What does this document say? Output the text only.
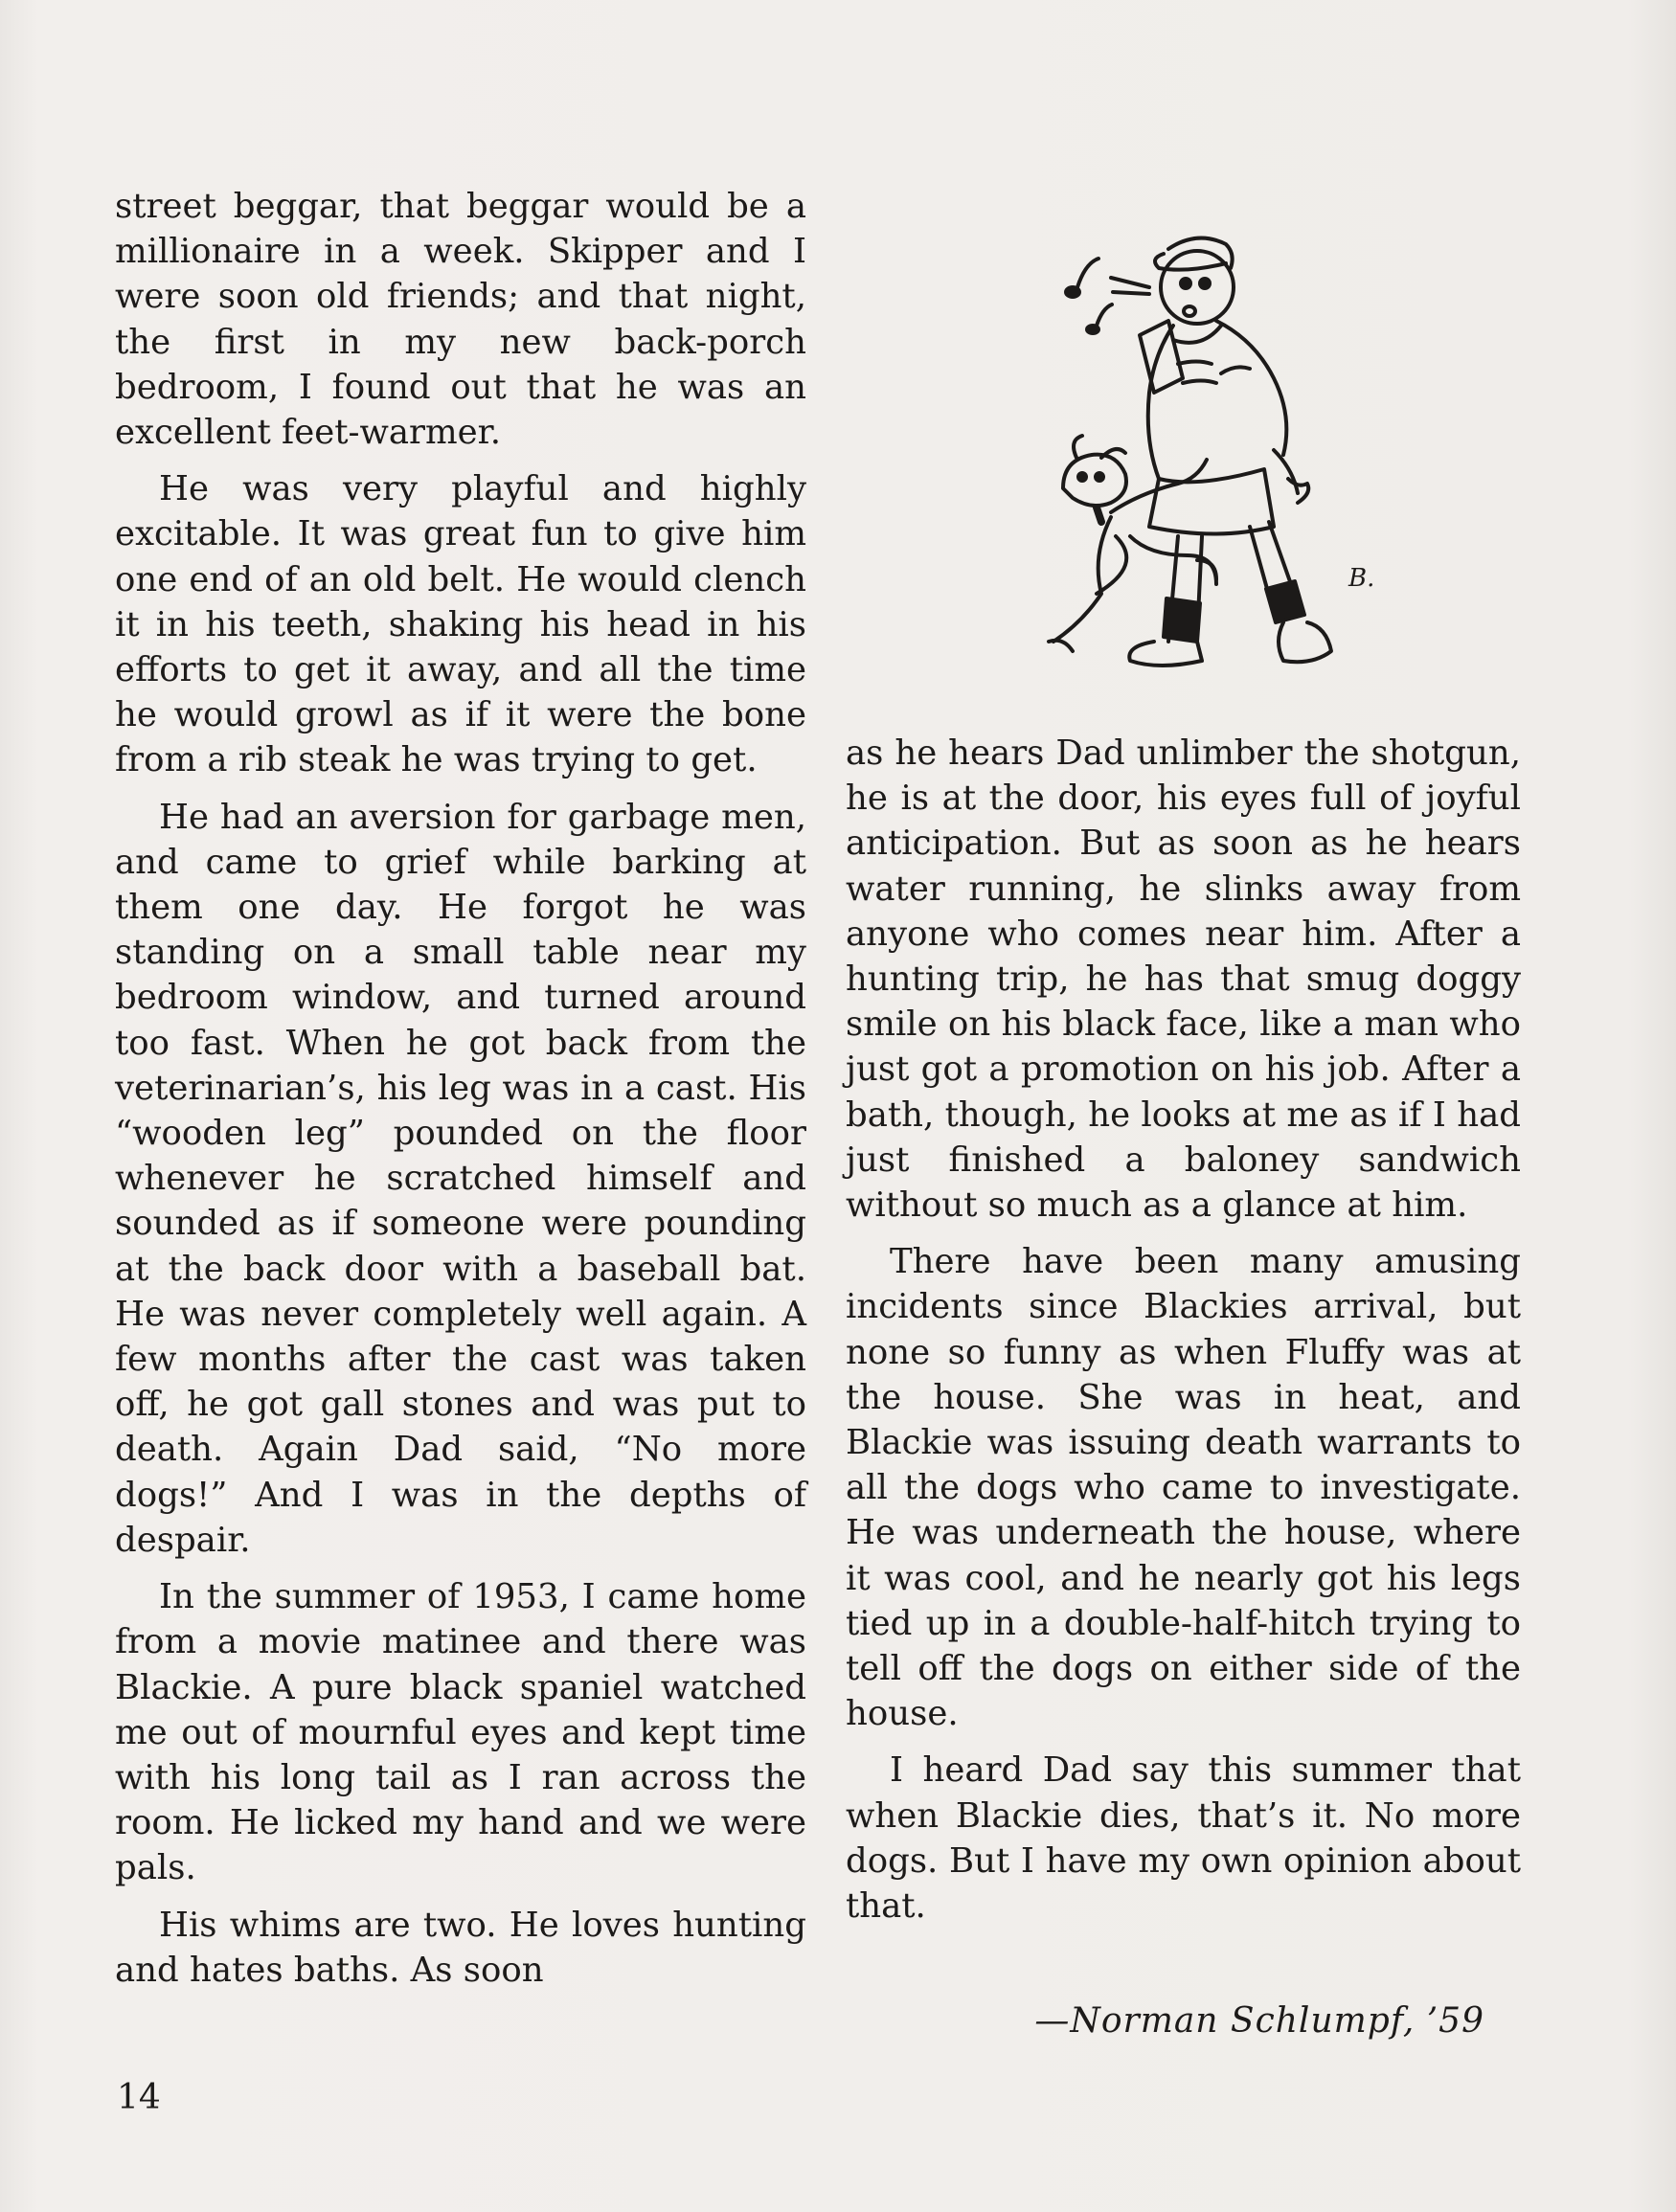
street beggar, that beggar would be a millionaire in a week. Skipper and I were soon old friends; and that night, the first in my new back-porch bedroom, I found out that he was an excellent feet-warmer.

He was very playful and highly excitable. It was great fun to give him one end of an old belt. He would clench it in his teeth, shaking his head in his efforts to get it away, and all the time he would growl as if it were the bone from a rib steak he was trying to get.

He had an aversion for garbage men, and came to grief while barking at them one day. He forgot he was standing on a small table near my bedroom window, and turned around too fast. When he got back from the veterinarian’s, his leg was in a cast. His “wooden leg” pounded on the floor whenever he scratched himself and sounded as if someone were pounding at the back door with a baseball bat. He was never completely well again. A few months after the cast was taken off, he got gall stones and was put to death. Again Dad said, “No more dogs!” And I was in the depths of despair.

In the summer of 1953, I came home from a movie matinee and there was Blackie. A pure black spaniel watched me out of mournful eyes and kept time with his long tail as I ran across the room. He licked my hand and we were pals.

His whims are two. He loves hunting and hates baths. As soon

B.

as he hears Dad unlimber the shotgun, he is at the door, his eyes full of joyful anticipation. But as soon as he hears water running, he slinks away from anyone who comes near him. After a hunting trip, he has that smug doggy smile on his black face, like a man who just got a promotion on his job. After a bath, though, he looks at me as if I had just finished a baloney sandwich without so much as a glance at him.

There have been many amusing incidents since Blackies arrival, but none so funny as when Fluffy was at the house. She was in heat, and Blackie was issuing death warrants to all the dogs who came to investigate. He was underneath the house, where it was cool, and he nearly got his legs tied up in a double-half-hitch trying to tell off the dogs on either side of the house.

I heard Dad say this summer that when Blackie dies, that’s it. No more dogs. But I have my own opinion about that.

—Norman Schlumpf, ’59
14
